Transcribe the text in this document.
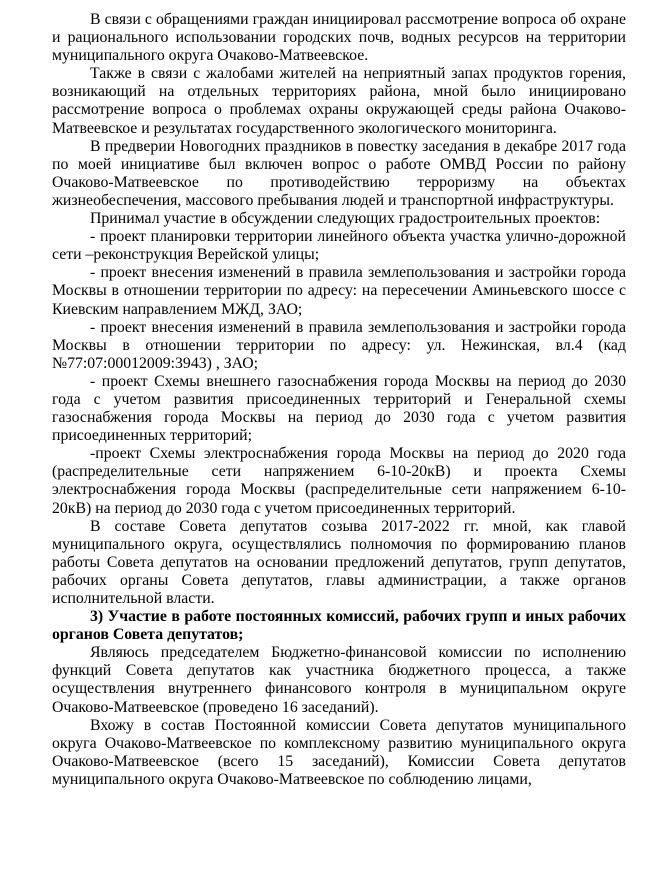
В связи с обращениями граждан инициировал рассмотрение вопроса об охране и рационального использовании городских почв, водных ресурсов на территории муниципального округа Очаково-Матвеевское.

Также в связи с жалобами жителей на неприятный запах продуктов горения, возникающий на отдельных территориях района, мной было инициировано рассмотрение вопроса о проблемах охраны окружающей среды района Очаково-Матвеевское и результатах государственного экологического мониторинга.

В предверии Новогодних праздников в повестку заседания в декабре 2017 года по моей инициативе был включен вопрос о работе ОМВД России по району Очаково-Матвеевское по противодействию терроризму на объектах жизнеобеспечения, массового пребывания людей и транспортной инфраструктуры.

Принимал участие в обсуждении следующих градостроительных проектов:

- проект планировки территории линейного объекта участка улично-дорожной сети –реконструкция Верейской улицы;

- проект внесения изменений в правила землепользования и застройки города Москвы в отношении территории по адресу: на пересечении Аминьевского шоссе с Киевским направлением МЖД, ЗАО;

- проект внесения изменений в правила землепользования и застройки города Москвы в отношении территории по адресу: ул. Нежинская, вл.4 (кад №77:07:00012009:3943) , ЗАО;

- проект Схемы внешнего газоснабжения города Москвы на период до 2030 года с учетом развития присоединенных территорий и Генеральной схемы газоснабжения города Москвы на период до 2030 года с учетом развития присоединенных территорий;

-проект Схемы электроснабжения города Москвы на период до 2020 года (распределительные сети напряжением 6-10-20кВ) и проекта Схемы электроснабжения города Москвы (распределительные сети напряжением 6-10-20кВ) на период до 2030 года с учетом присоединенных территорий.

В составе Совета депутатов созыва 2017-2022 гг. мной, как главой муниципального округа, осуществлялись полномочия по формированию планов работы Совета депутатов на основании предложений депутатов, групп депутатов, рабочих органы Совета депутатов, главы администрации, а также органов исполнительной власти.

3) Участие в работе постоянных комиссий, рабочих групп и иных рабочих органов Совета депутатов;

Являюсь председателем Бюджетно-финансовой комиссии по исполнению функций Совета депутатов как участника бюджетного процесса, а также осуществления внутреннего финансового контроля в муниципальном округе Очаково-Матвеевское (проведено 16 заседаний).

Вхожу в состав Постоянной комиссии Совета депутатов муниципального округа Очаково-Матвеевское по комплексному развитию муниципального округа Очаково-Матвеевское (всего 15 заседаний), Комиссии Совета депутатов муниципального округа Очаково-Матвеевское по соблюдению лицами,
